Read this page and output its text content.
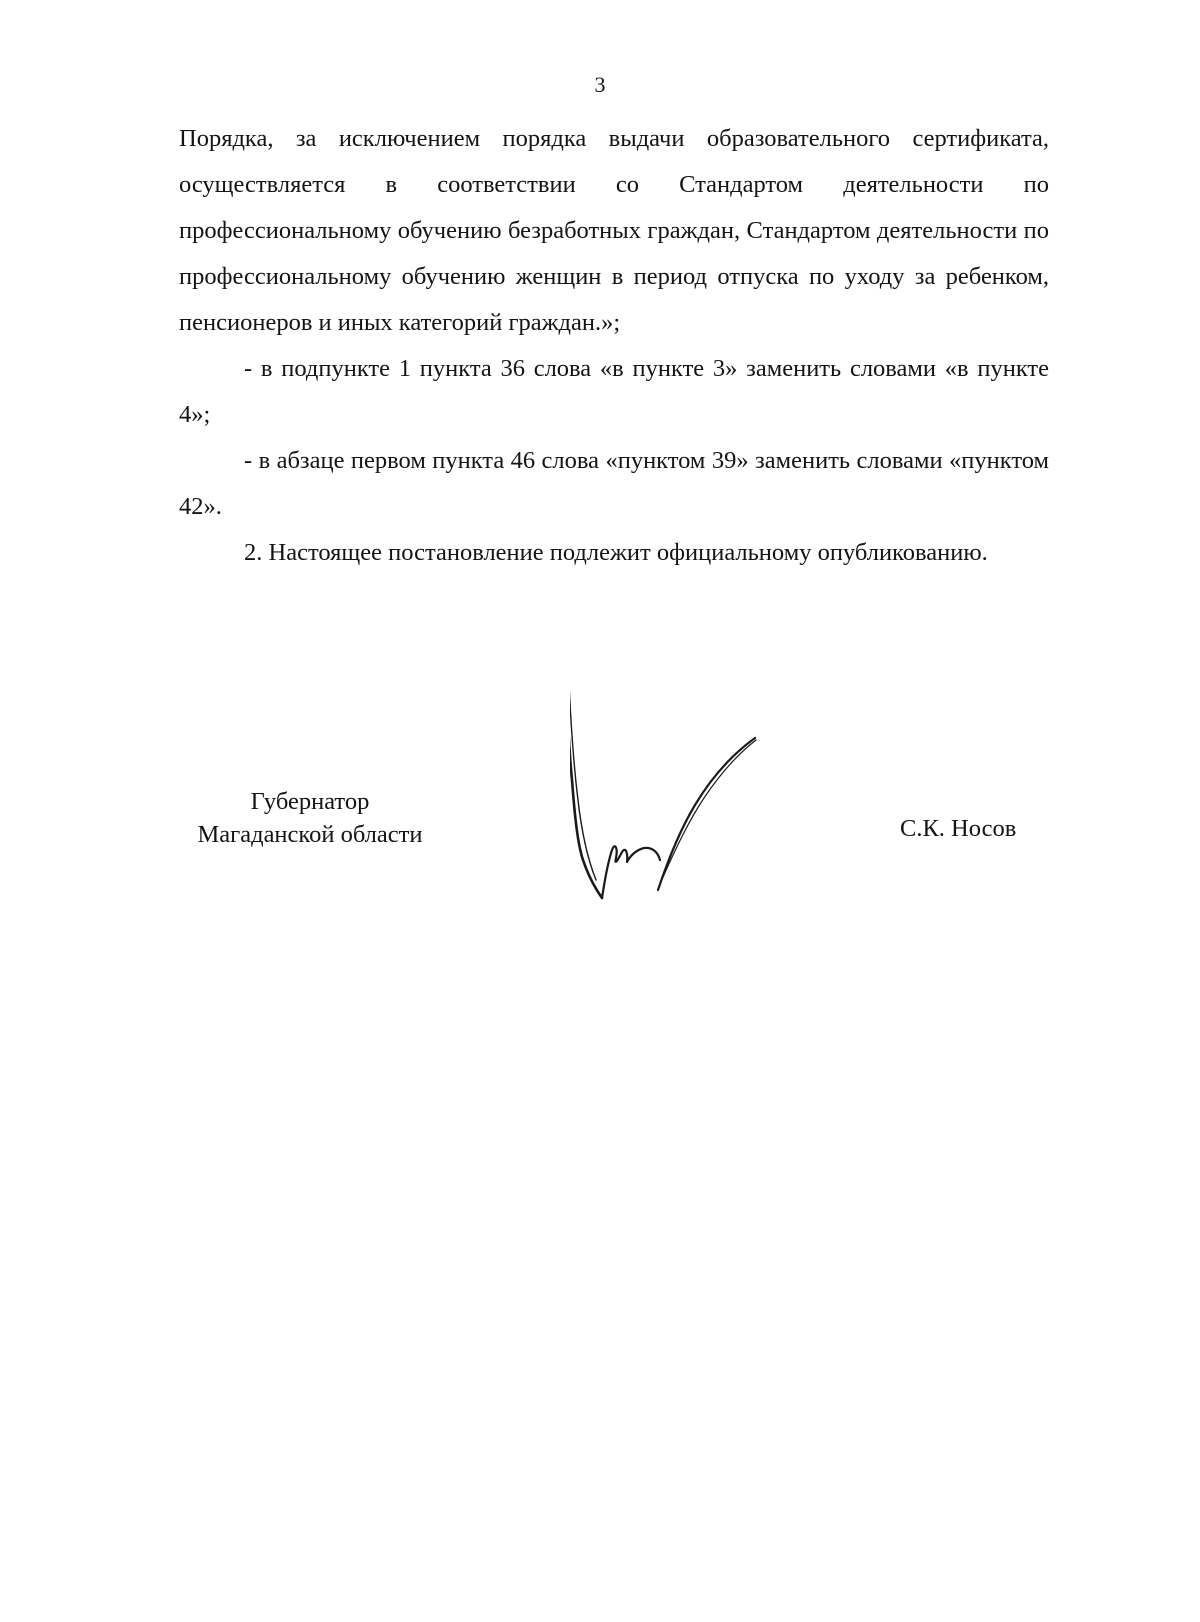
3

Порядка, за исключением порядка выдачи образовательного сертификата, осуществляется в соответствии со Стандартом деятельности по профессиональному обучению безработных граждан, Стандартом деятельности по профессиональному обучению женщин в период отпуска по уходу за ребенком, пенсионеров и иных категорий граждан.»;

- в подпункте 1 пункта 36 слова «в пункте 3» заменить словами «в пункте 4»;

- в абзаце первом пункта 46 слова «пунктом 39» заменить словами «пунктом 42».

2. Настоящее постановление подлежит официальному опубликованию.

Губернатор
Магаданской области	С.К. Носов
